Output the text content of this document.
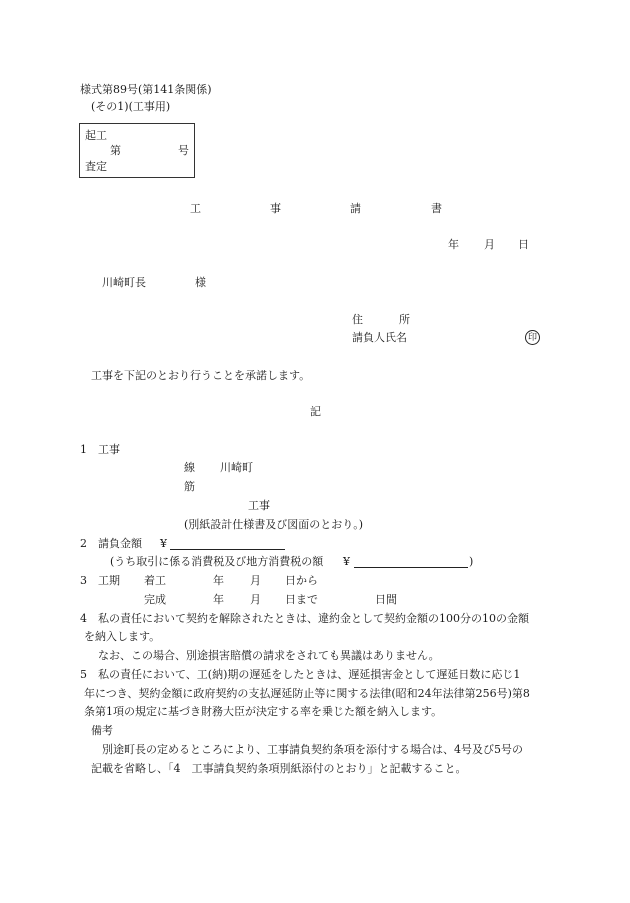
様式第89号(第141条関係)
(その1)(工事用)
起工
第	号
査定
工	事	請	書
年 月 日
川崎町長	様
住	所
請負人氏名	印
工事を下記のとおり行うことを承諾します。
記
1 工事
線 川崎町
筋
工事
(別紙設計仕様書及び図面のとおり。)
2 請負金額 ¥
(うち取引に係る消費税及び地方消費税の額 ¥	)
3 工期 着工	年 月 日から
完成	年 月 日まで	日間
4 私の責任において契約を解除されたときは、違約金として契約金額の100分の10の金額
を納入します。
なお、この場合、別途損害賠償の請求をされても異議はありません。
5 私の責任において、工(納)期の遅延をしたときは、遅延損害金として遅延日数に応じ1
年につき、契約金額に政府契約の支払遅延防止等に関する法律(昭和24年法律第256号)第8
条第1項の規定に基づき財務大臣が決定する率を乗じた額を納入します。
備考
別途町長の定めるところにより、工事請負契約条項を添付する場合は、4号及び5号の
記載を省略し、「4　工事請負契約条項別紙添付のとおり」と記載すること。
